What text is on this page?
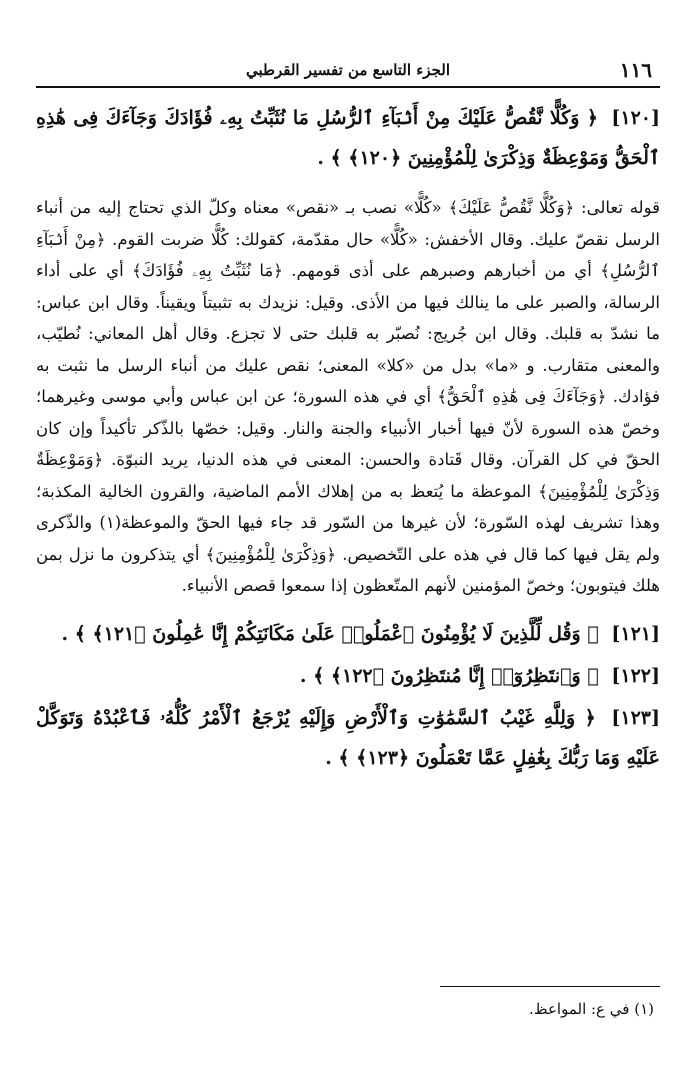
١١٦
الجزء التاسع من تفسير القرطبي

[١٢٠] ﴿ وَكُلًّا نَّقُصُّ عَلَيْكَ مِنْ أَنۢبَآءِ ٱلرُّسُلِ مَا نُثَبِّتُ بِهِۦ فُؤَادَكَ وَجَآءَكَ فِى هَٰذِهِ ٱلْحَقُّ وَمَوْعِظَةٌ وَذِكْرَىٰ لِلْمُؤْمِنِينَ ﴿١٢٠﴾ ﴾ .

قوله تعالى: ﴿وَكُلًّا نَّقُصُّ عَلَيْكَ﴾ «كُلًّا» نصب بـ «نقص» معناه وكلّ الذي تحتاج إليه من أنباء الرسل نقصّ عليك. وقال الأخفش: «كُلًّا» حال مقدّمة، كقولك: كُلًّا ضربت القوم. ﴿مِنْ أَنۢبَآءِ ٱلرُّسُلِ﴾ أي من أخبارهم وصبرهم على أذى قومهم. ﴿مَا نُثَبِّتُ بِهِۦ فُؤَادَكَ﴾ أي على أداء الرسالة، والصبر على ما ينالك فيها من الأذى. وقيل: نزيدك به تثبيتاً ويقيناً. وقال ابن عباس: ما نشدّ به قلبك. وقال ابن جُريج: نُصبّر به قلبك حتى لا تجزع. وقال أهل المعاني: نُطيّب، والمعنى متقارب. و «ما» بدل من «كلا» المعنى؛ نقص عليك من أنباء الرسل ما نثبت به فؤادك. ﴿وَجَآءَكَ فِى هَٰذِهِ ٱلْحَقُّ﴾ أي في هذه السورة؛ عن ابن عباس وأبي موسى وغيرهما؛ وخصّ هذه السورة لأنّ فيها أخبار الأنبياء والجنة والنار. وقيل: خصّها بالذّكر تأكيداً وإن كان الحقّ في كل القرآن. وقال قَتادة والحسن: المعنى في هذه الدنيا، يريد النبوّة. ﴿وَمَوْعِظَةٌ وَذِكْرَىٰ لِلْمُؤْمِنِينَ﴾ الموعظة ما يُتعظ به من إهلاك الأمم الماضية، والقرون الخالية المكذبة؛ وهذا تشريف لهذه السّورة؛ لأن غيرها من السّور قد جاء فيها الحقّ والموعظة(١) والذّكرى ولم يقل فيها كما قال في هذه على التّخصيص. ﴿وَذِكْرَىٰ لِلْمُؤْمِنِينَ﴾ أي يتذكرون ما نزل بمن هلك فيتوبون؛ وخصّ المؤمنين لأنهم المتّعظون إذا سمعوا قصص الأنبياء.

[١٢١] ﴿ وَقُل لِّلَّذِينَ لَا يُؤْمِنُونَ ٱعْمَلُوا۟ عَلَىٰ مَكَانَتِكُمْ إِنَّا عَٰمِلُونَ ﴿١٢١﴾ ﴾ .

[١٢٢] ﴿ وَٱنتَظِرُوٓا۟ إِنَّا مُنتَظِرُونَ ﴿١٢٢﴾ ﴾ .

[١٢٣] ﴿ وَلِلَّهِ غَيْبُ ٱلسَّمَٰوَٰتِ وَٱلْأَرْضِ وَإِلَيْهِ يُرْجَعُ ٱلْأَمْرُ كُلُّهُۥ فَٱعْبُدْهُ وَتَوَكَّلْ عَلَيْهِ وَمَا رَبُّكَ بِغَٰفِلٍ عَمَّا تَعْمَلُونَ ﴿١٢٣﴾ ﴾ .

(١) في ع: المواعظ.
